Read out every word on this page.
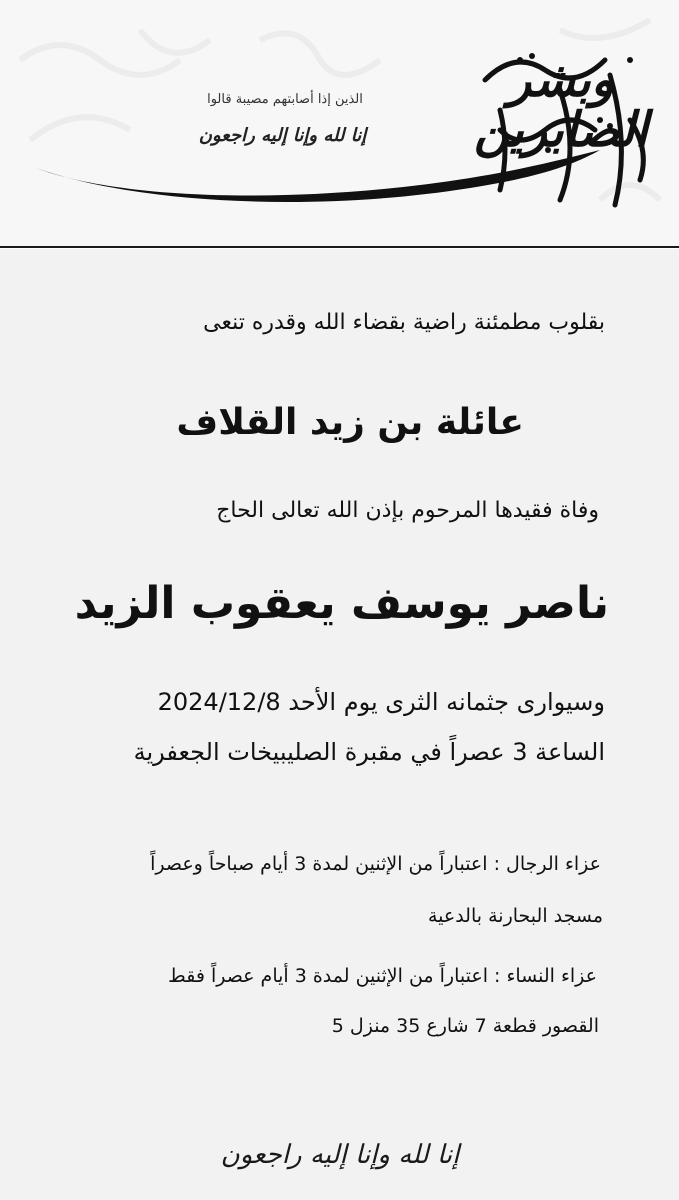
الذين إذا أصابتهم مصيبة قالوا
إنا لله وإنا إليه راجعون
وبشر الصابرين
بقلوب مطمئنة راضية بقضاء الله وقدره تنعى
عائلة بن زيد القلاف
وفاة فقيدها المرحوم بإذن الله تعالى الحاج
ناصر يوسف يعقوب الزيد
وسيوارى جثمانه الثرى يوم الأحد 2024/12/8
الساعة 3 عصراً في مقبرة الصليبيخات الجعفرية
عزاء الرجال : اعتباراً من الإثنين لمدة 3 أيام صباحاً وعصراً
مسجد البحارنة بالدعية
عزاء النساء : اعتباراً من الإثنين لمدة 3 أيام عصراً فقط
القصور قطعة 7 شارع 35 منزل 5
إنا لله وإنا إليه راجعون
